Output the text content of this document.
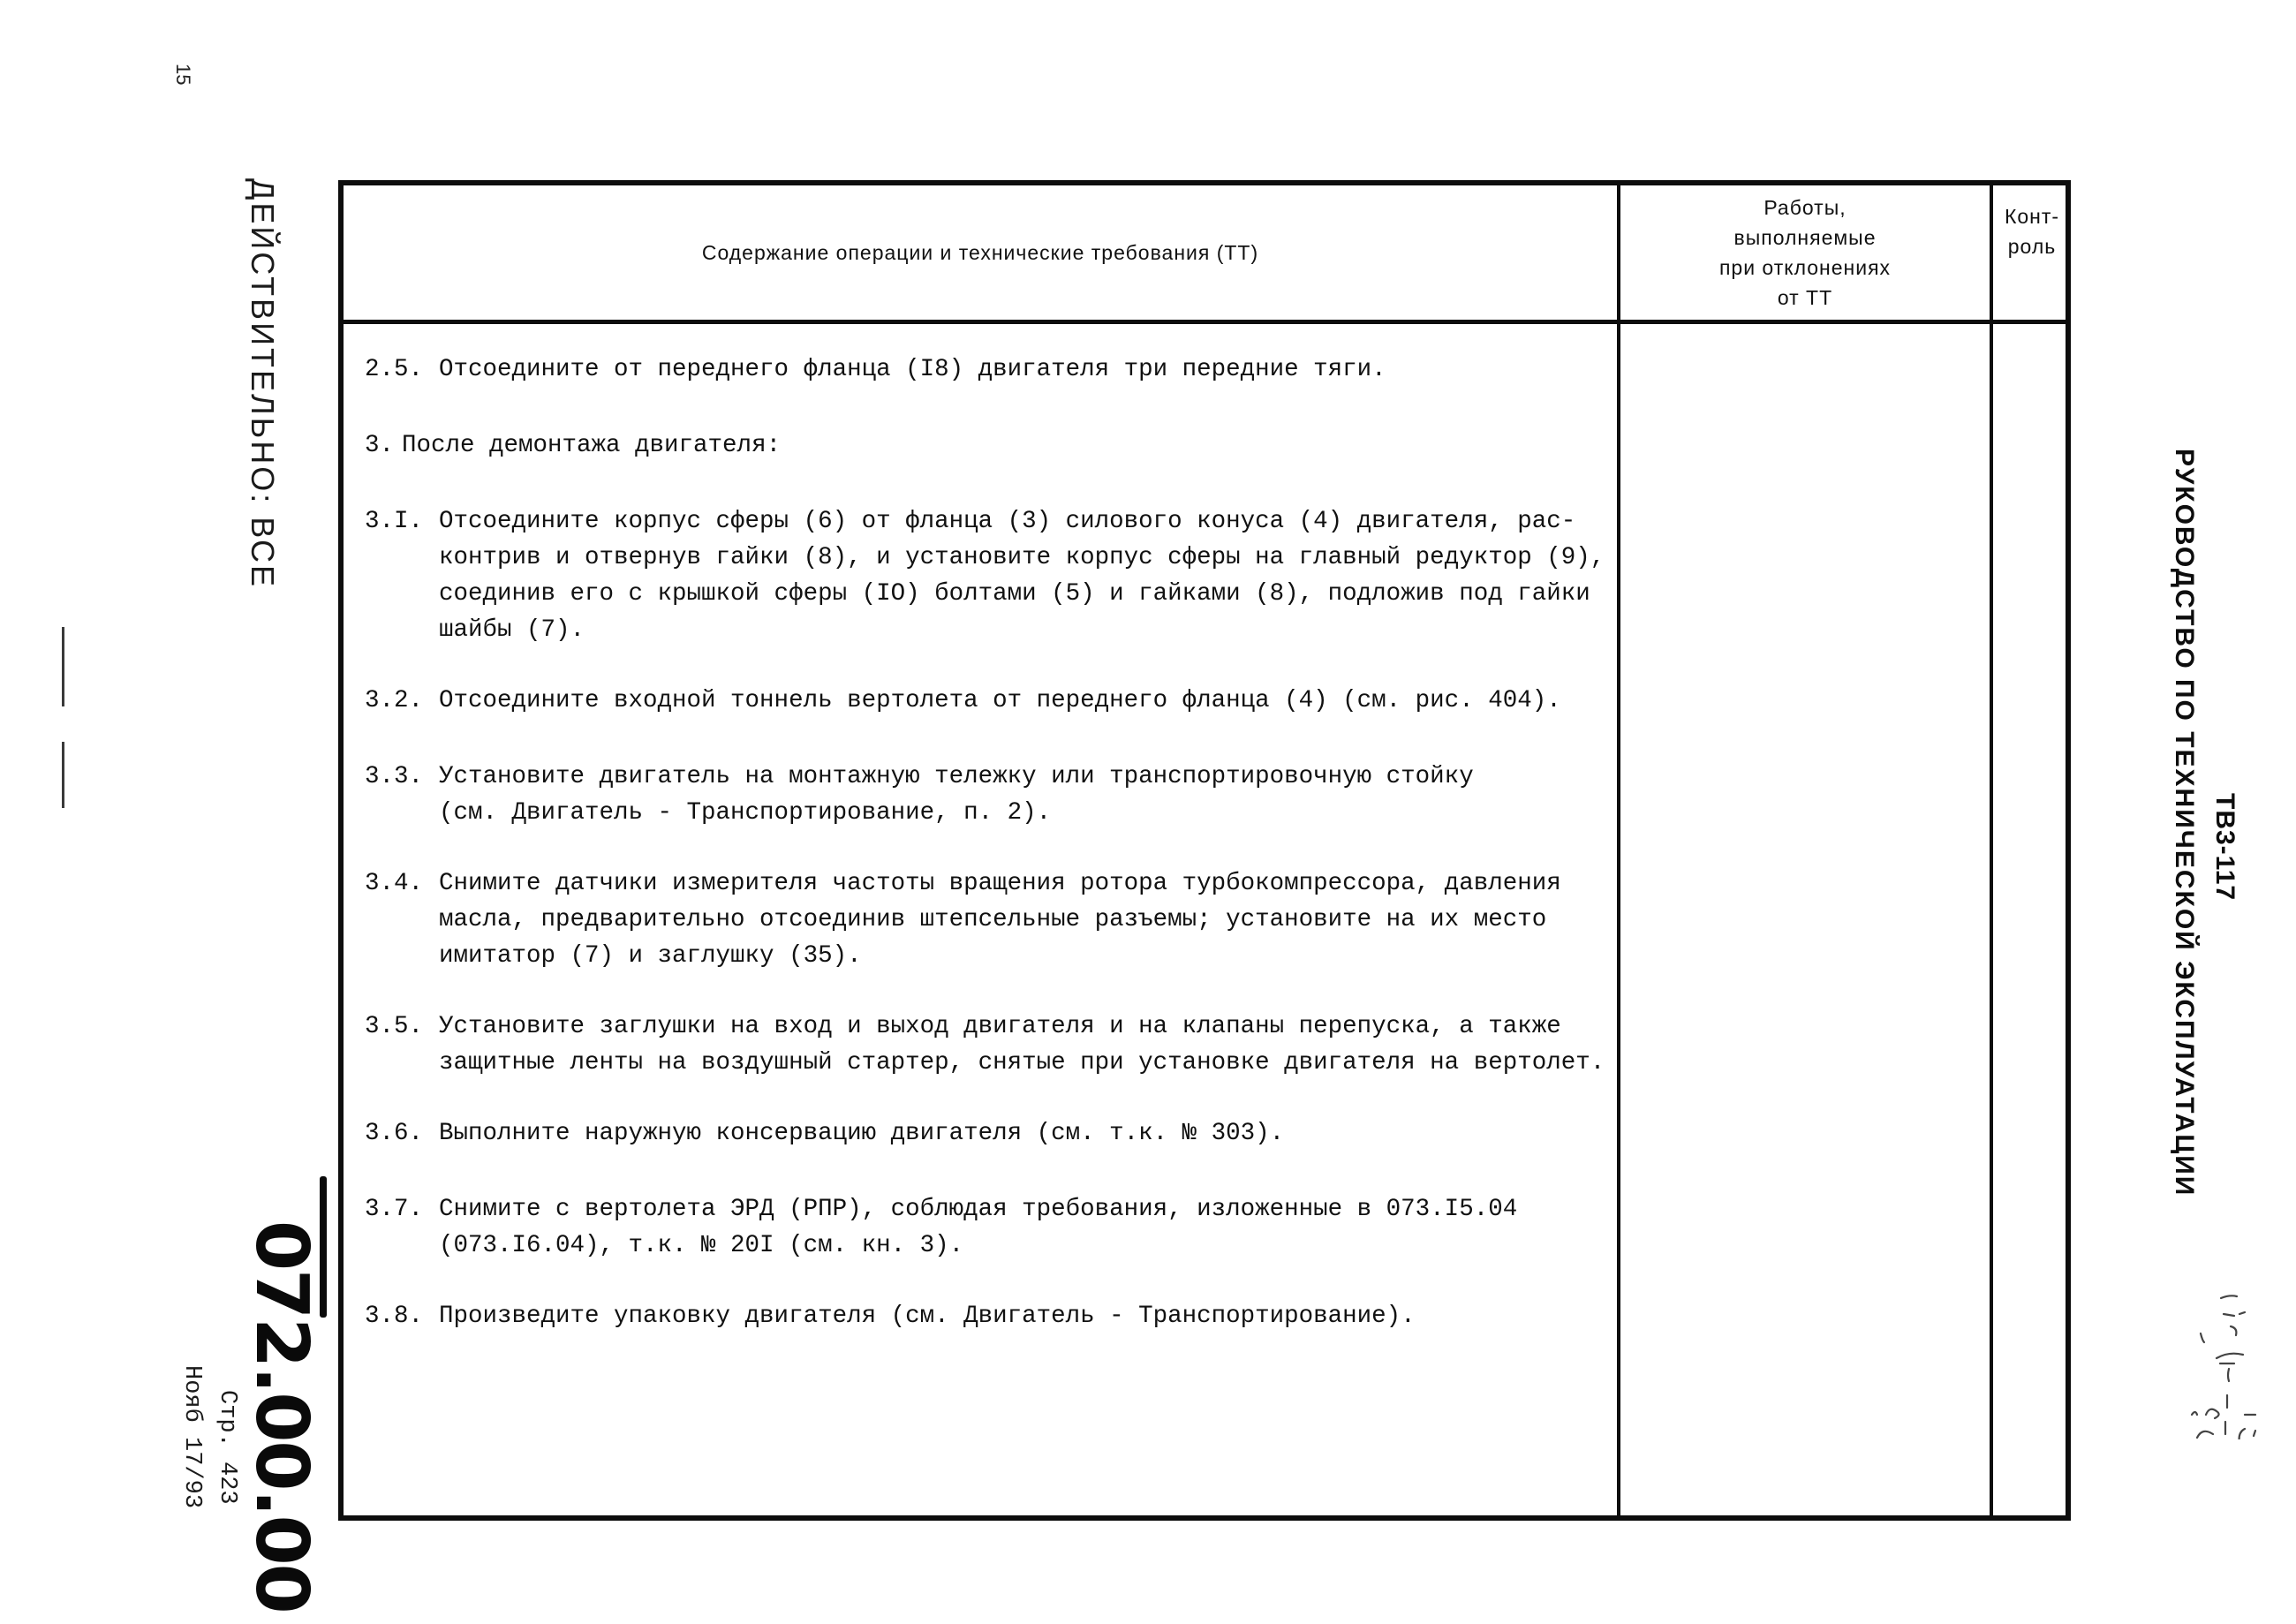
15
ДЕЙСТВИТЕЛЬНО: ВСЕ
072.00.00
Стр. 423
Нояб 17/93
РУКОВОДСТВО ПО ТЕХНИЧЕСКОЙ ЭКСПЛУАТАЦИИ ТВ3-117
Содержание операции и технические требования (ТТ)
Работы,
выполняемые
при отклонениях
от ТТ
Конт-
роль
2.5. Отсоедините от переднего фланца (I8) двигателя три передние тяги.
3. После демонтажа двигателя:
3.I. Отсоедините корпус сферы (6) от фланца (3) силового конуса (4) двигателя, рас-
контрив и отвернув гайки (8), и установите корпус сферы на главный редуктор (9),
соединив его с крышкой сферы (IO) болтами (5) и гайками (8), подложив под гайки
шайбы (7).
3.2. Отсоедините входной тоннель вертолета от переднего фланца (4) (см. рис. 404).
3.3. Установите двигатель на монтажную тележку или транспортировочную стойку
(см. Двигатель - Транспортирование, п. 2).
3.4. Снимите датчики измерителя частоты вращения ротора турбокомпрессора, давления
масла, предварительно отсоединив штепсельные разъемы; установите на их место
имитатор (7) и заглушку (35).
3.5. Установите заглушки на вход и выход двигателя и на клапаны перепуска, а также
защитные ленты на воздушный стартер, снятые при установке двигателя на вертолет.
3.6. Выполните наружную консервацию двигателя (см. т.к. № 303).
3.7. Снимите с вертолета ЭРД (РПР), соблюдая требования, изложенные в 073.I5.04
(073.I6.04), т.к. № 20I (см. кн. 3).
3.8. Произведите упаковку двигателя (см. Двигатель - Транспортирование).
